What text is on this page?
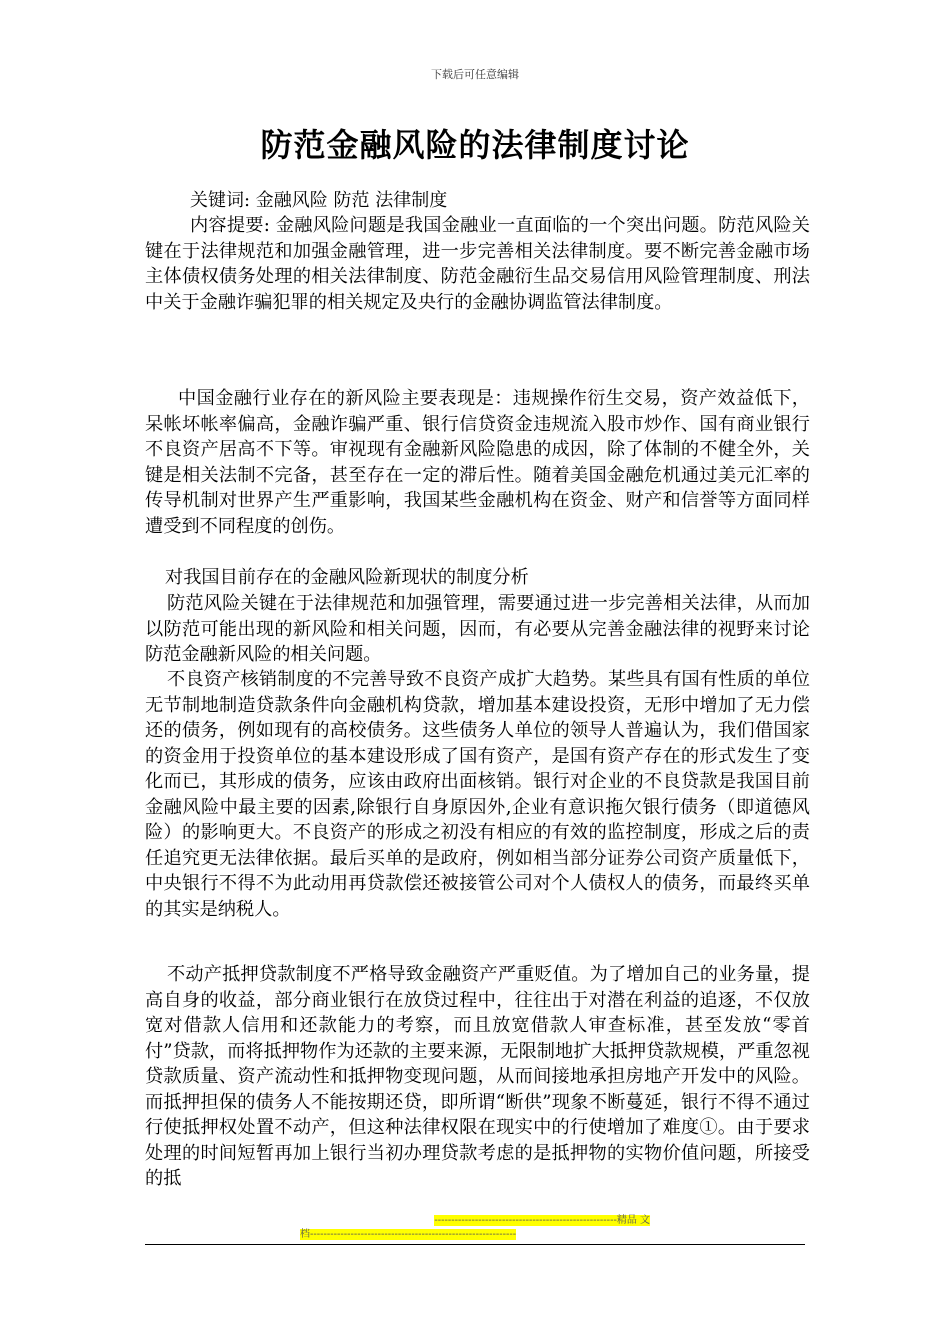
下载后可任意编辑
防范金融风险的法律制度讨论
关键词: 金融风险 防范 法律制度
内容提要: 金融风险问题是我国金融业一直面临的一个突出问题。防范风险关键在于法律规范和加强金融管理，进一步完善相关法律制度。要不断完善金融市场主体债权债务处理的相关法律制度、防范金融衍生品交易信用风险管理制度、刑法中关于金融诈骗犯罪的相关规定及央行的金融协调监管法律制度。
中国金融行业存在的新风险主要表现是：违规操作衍生交易，资产效益低下，呆帐坏帐率偏高，金融诈骗严重、银行信贷资金违规流入股市炒作、国有商业银行不良资产居高不下等。审视现有金融新风险隐患的成因，除了体制的不健全外，关键是相关法制不完备，甚至存在一定的滞后性。随着美国金融危机通过美元汇率的传导机制对世界产生严重影响，我国某些金融机构在资金、财产和信誉等方面同样遭受到不同程度的创伤。
对我国目前存在的金融风险新现状的制度分析
防范风险关键在于法律规范和加强管理，需要通过进一步完善相关法律，从而加以防范可能出现的新风险和相关问题，因而，有必要从完善金融法律的视野来讨论防范金融新风险的相关问题。
不良资产核销制度的不完善导致不良资产成扩大趋势。某些具有国有性质的单位无节制地制造贷款条件向金融机构贷款，增加基本建设投资，无形中增加了无力偿还的债务，例如现有的高校债务。这些债务人单位的领导人普遍认为，我们借国家的资金用于投资单位的基本建设形成了国有资产，是国有资产存在的形式发生了变化而已，其形成的债务，应该由政府出面核销。银行对企业的不良贷款是我国目前金融风险中最主要的因素,除银行自身原因外,企业有意识拖欠银行债务（即道德风险）的影响更大。不良资产的形成之初没有相应的有效的监控制度，形成之后的责任追究更无法律依据。最后买单的是政府，例如相当部分证券公司资产质量低下，中央银行不得不为此动用再贷款偿还被接管公司对个人债权人的债务，而最终买单的其实是纳税人。
不动产抵押贷款制度不严格导致金融资产严重贬值。为了增加自己的业务量，提高自身的收益，部分商业银行在放贷过程中，往往出于对潜在利益的追逐，不仅放宽对借款人信用和还款能力的考察，而且放宽借款人审查标准，甚至发放“零首付”贷款，而将抵押物作为还款的主要来源，无限制地扩大抵押贷款规模，严重忽视贷款质量、资产流动性和抵押物变现问题，从而间接地承担房地产开发中的风险。而抵押担保的债务人不能按期还贷，即所谓“断供”现象不断蔓延，银行不得不通过行使抵押权处置不动产，但这种法律权限在现实中的行使增加了难度①。由于要求处理的时间短暂再加上银行当初办理贷款考虑的是抵押物的实物价值问题，所接受的抵
------------------------------------------------------精品 文
档-------------------------------------------------------------
